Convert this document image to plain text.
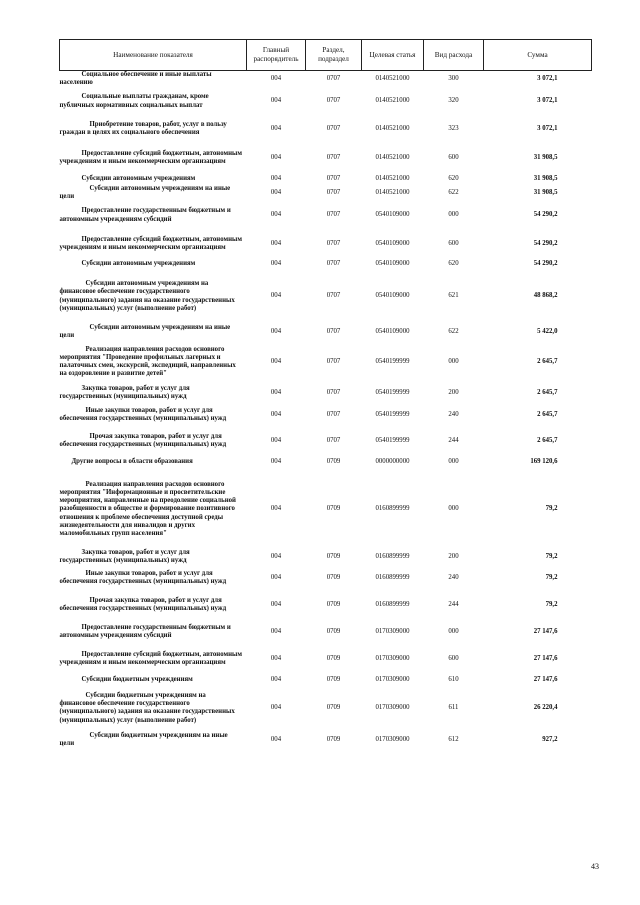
Наименование показателя	Главный распорядитель	Раздел, подраздел	Целевая статья	Вид расхода	Сумма
Социальное обеспечение и иные выплаты населению	004	0707	0140521000	300	3 072,1
Социальные выплаты гражданам, кроме публичных нормативных социальных выплат	004	0707	0140521000	320	3 072,1
Приобретение товаров, работ, услуг в пользу граждан в целях их социального обеспечения	004	0707	0140521000	323	3 072,1
Предоставление субсидий бюджетным, автономным учреждениям и иным некоммерческим организациям	004	0707	0140521000	600	31 908,5
Субсидии автономным учреждениям	004	0707	0140521000	620	31 908,5
Субсидии автономным учреждениям на иные цели	004	0707	0140521000	622	31 908,5
Предоставление государственным бюджетным и автономным учреждениям субсидий	004	0707	0540109000	000	54 290,2
Предоставление субсидий бюджетным, автономным учреждениям и иным некоммерческим организациям	004	0707	0540109000	600	54 290,2
Субсидии автономным учреждениям	004	0707	0540109000	620	54 290,2
Субсидии автономным учреждениям на финансовое обеспечение государственного (муниципального) задания на оказание государственных (муниципальных) услуг (выполнение работ)	004	0707	0540109000	621	48 868,2
Субсидии автономным учреждениям на иные цели	004	0707	0540109000	622	5 422,0
Реализация направления расходов основного мероприятия "Проведение профильных лагерных и палаточных смен, экскурсий, экспедиций, направленных на оздоровление и развитие детей"	004	0707	0540199999	000	2 645,7
Закупка товаров, работ и услуг для государственных (муниципальных) нужд	004	0707	0540199999	200	2 645,7
Иные закупки товаров, работ и услуг для обеспечения государственных (муниципальных) нужд	004	0707	0540199999	240	2 645,7
Прочая закупка товаров, работ и услуг для обеспечения государственных (муниципальных) нужд	004	0707	0540199999	244	2 645,7
Другие вопросы в области образования	004	0709	0000000000	000	169 120,6
Реализация направления расходов основного мероприятия "Информационные и просветительские мероприятия, направленные на преодоление социальной разобщенности в обществе и формирование позитивного отношения к проблеме обеспечения доступной среды жизнедеятельности для инвалидов и других маломобильных групп населения"	004	0709	0160899999	000	79,2
Закупка товаров, работ и услуг для государственных (муниципальных) нужд	004	0709	0160899999	200	79,2
Иные закупки товаров, работ и услуг для обеспечения государственных (муниципальных) нужд	004	0709	0160899999	240	79,2
Прочая закупка товаров, работ и услуг для обеспечения государственных (муниципальных) нужд	004	0709	0160899999	244	79,2
Предоставление государственным бюджетным и автономным учреждениям субсидий	004	0709	0170309000	000	27 147,6
Предоставление субсидий бюджетным, автономным учреждениям и иным некоммерческим организациям	004	0709	0170309000	600	27 147,6
Субсидии бюджетным учреждениям	004	0709	0170309000	610	27 147,6
Субсидии бюджетным учреждениям на финансовое обеспечение государственного (муниципального) задания на оказание государственных (муниципальных) услуг (выполнение работ)	004	0709	0170309000	611	26 220,4
Субсидии бюджетным учреждениям на иные цели	004	0709	0170309000	612	927,2
43
